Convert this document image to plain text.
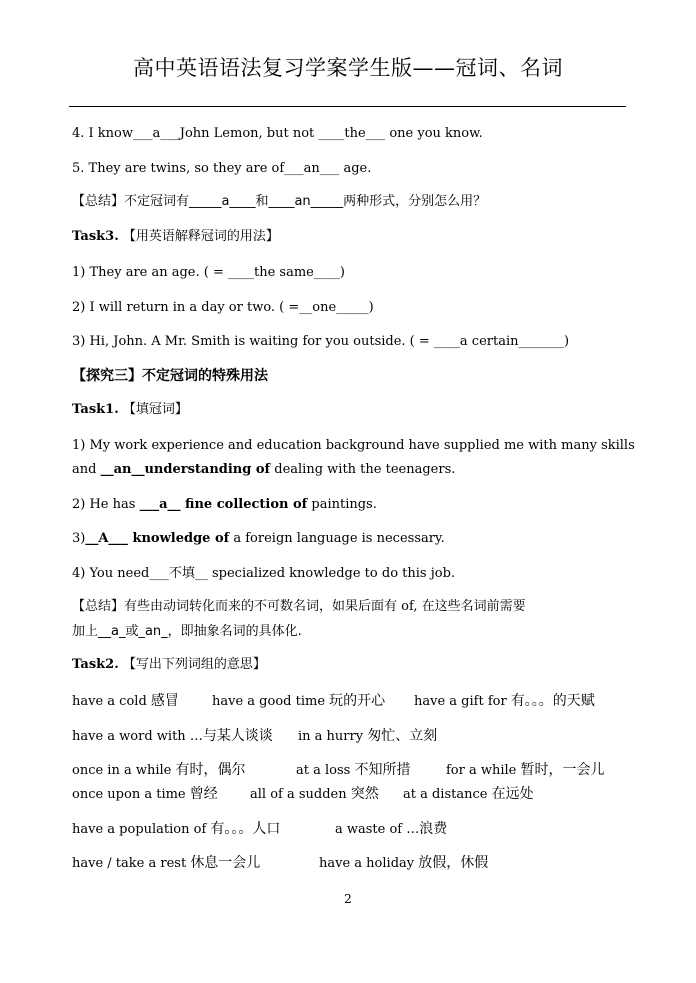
高中英语语法复习学案学生版——冠词、名词
4. I know___a___John Lemon, but not ____the___ one you know.
5. They are twins, so they are of___an___ age.
【总结】不定冠词有_____a____和____an_____两种形式，分别怎么用？
Task3. 【用英语解释冠词的用法】
1) They are an age. ( = ____the same____)
2) I will return in a day or two. ( =__one_____)
3) Hi, John. A Mr. Smith is waiting for you outside. ( = ____a certain_______)
【探究三】不定冠词的特殊用法
Task1. 【填冠词】
1) My work experience and education background have supplied me with many skills
and __an__understanding of dealing with the teenagers.
2) He has ___a__ fine collection of paintings.
3)__A___ knowledge of a foreign language is necessary.
4) You need___不填__ specialized knowledge to do this job.
【总结】有些由动词转化而来的不可数名词，如果后面有 of, 在这些名词前需要
加上__a_或_an_，即抽象名词的具体化.
Task2. 【写出下列词组的意思】
have a cold 感冒	have a good time 玩的开心 have a gift for 有。。。的天赋
have a word with …与某人谈谈 in a hurry 匆忙、立刻
once in a while 有时，偶尔	at a loss 不知所措	for a while 暂时，一会儿
once upon a time 曾经 all of a sudden 突然 at a distance 在远处
have a population of 有。。。人口	a waste of …浪费
have / take a rest 休息一会儿	have a holiday 放假，休假
2
